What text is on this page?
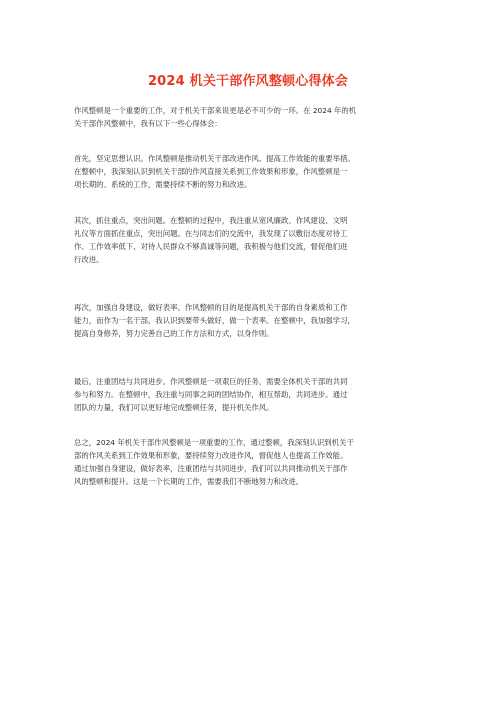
2024 机关干部作风整顿心得体会
作风整顿是一个重要的工作，对于机关干部来说更是必不可少的一环。在 2024 年的机
关干部作风整顿中，我有以下一些心得体会：
首先，坚定思想认识。作风整顿是推动机关干部改进作风、提高工作效能的重要举措。
在整顿中，我深刻认识到机关干部的作风直接关系到工作效果和形象，作风整顿是一
项长期的、系统的工作，需要持续不断的努力和改进。
其次，抓住重点，突出问题。在整顿的过程中，我注重从宽风廉政、作风建设、文明
礼仪等方面抓住重点，突出问题。在与同志们的交流中，我发现了以敷衍态度对待工
作、工作效率低下、对待人民群众不够真诚等问题，我积极与他们交流，督促他们进
行改进。
再次，加强自身建设，做好表率。作风整顿的目的是提高机关干部的自身素质和工作
能力，而作为一名干部，我认识到要带头做好，做一个表率。在整顿中，我加强学习，
提高自身修养，努力完善自己的工作方法和方式，以身作则。
最后，注重团结与共同进步。作风整顿是一项艰巨的任务，需要全体机关干部的共同
参与和努力。在整顿中，我注重与同事之间的团结协作，相互帮助，共同进步。通过
团队的力量，我们可以更好地完成整顿任务，提升机关作风。
总之，2024 年机关干部作风整顿是一项重要的工作，通过整顿，我深刻认识到机关干
部的作风关系到工作效果和形象，要持续努力改进作风，督促他人也提高工作效能。
通过加强自身建设，做好表率，注重团结与共同进步，我们可以共同推动机关干部作
风的整顿和提升。这是一个长期的工作，需要我们不断地努力和改进。
